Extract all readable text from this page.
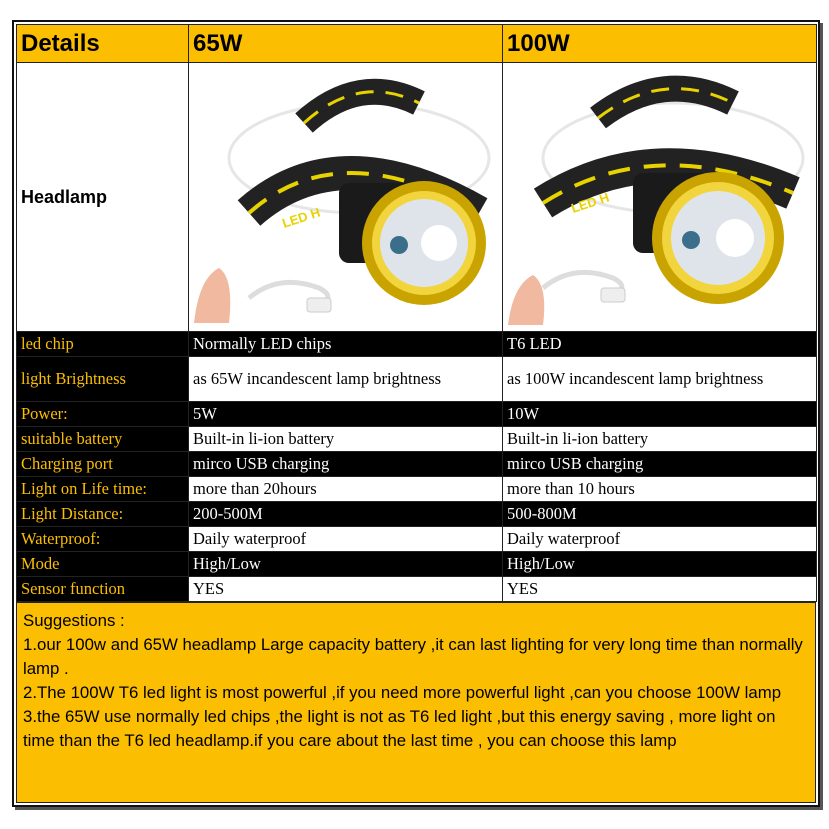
Details	65W	100W
Headlamp	LED H	LED H

led chip	Normally LED chips	T6 LED
light Brightness	as 65W incandescent lamp brightness	as 100W incandescent lamp brightness
Power:	5W	10W
suitable battery	Built-in li-ion battery	Built-in li-ion battery
Charging port	mirco USB charging	mirco USB charging
Light on Life time:	more than 20hours	more than 10 hours
Light Distance:	200-500M	500-800M
Waterproof:	Daily waterproof	Daily waterproof
Mode	High/Low	High/Low
Sensor function	YES	YES
Suggestions :
1.our 100w and 65W headlamp Large capacity battery ,it can last lighting for very long time than normally lamp .
2.The 100W T6 led light is most powerful ,if you need more powerful light ,can you choose 100W lamp
3.the 65W use normally led chips ,the light is not as T6 led light ,but this energy saving , more light on time than the T6 led headlamp.if you care about the last time , you can choose this lamp
